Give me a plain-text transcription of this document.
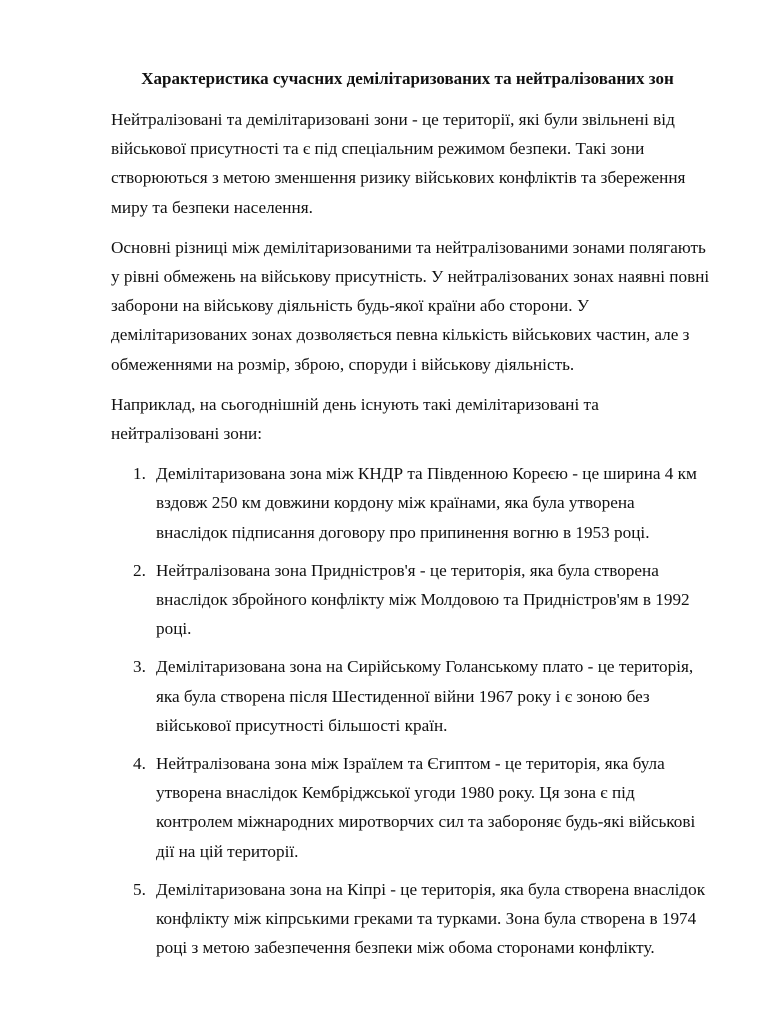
Характеристика сучасних демілітаризованих та нейтралізованих зон

Нейтралізовані та демілітаризовані зони - це території, які були звільнені від військової присутності та є під спеціальним режимом безпеки. Такі зони створюються з метою зменшення ризику військових конфліктів та збереження миру та безпеки населення.

Основні різниці між демілітаризованими та нейтралізованими зонами полягають у рівні обмежень на військову присутність. У нейтралізованих зонах наявні повні заборони на військову діяльність будь-якої країни або сторони. У демілітаризованих зонах дозволяється певна кількість військових частин, але з обмеженнями на розмір, зброю, споруди і військову діяльність.

Наприклад, на сьогоднішній день існують такі демілітаризовані та нейтралізовані зони:

1. Демілітаризована зона між КНДР та Південною Кореєю - це ширина 4 км вздовж 250 км довжини кордону між країнами, яка була утворена внаслідок підписання договору про припинення вогню в 1953 році.
2. Нейтралізована зона Придністров'я - це територія, яка була створена внаслідок збройного конфлікту між Молдовою та Придністров'ям в 1992 році.
3. Демілітаризована зона на Сирійському Голанському плато - це територія, яка була створена після Шестиденної війни 1967 року і є зоною без військової присутності більшості країн.
4. Нейтралізована зона між Ізраїлем та Єгиптом - це територія, яка була утворена внаслідок Кембріджської угоди 1980 року. Ця зона є під контролем міжнародних миротворчих сил та забороняє будь-які військові дії на цій території.
5. Демілітаризована зона на Кіпрі - це територія, яка була створена внаслідок конфлікту між кіпрськими греками та турками. Зона була створена в 1974 році з метою забезпечення безпеки між обома сторонами конфлікту.
